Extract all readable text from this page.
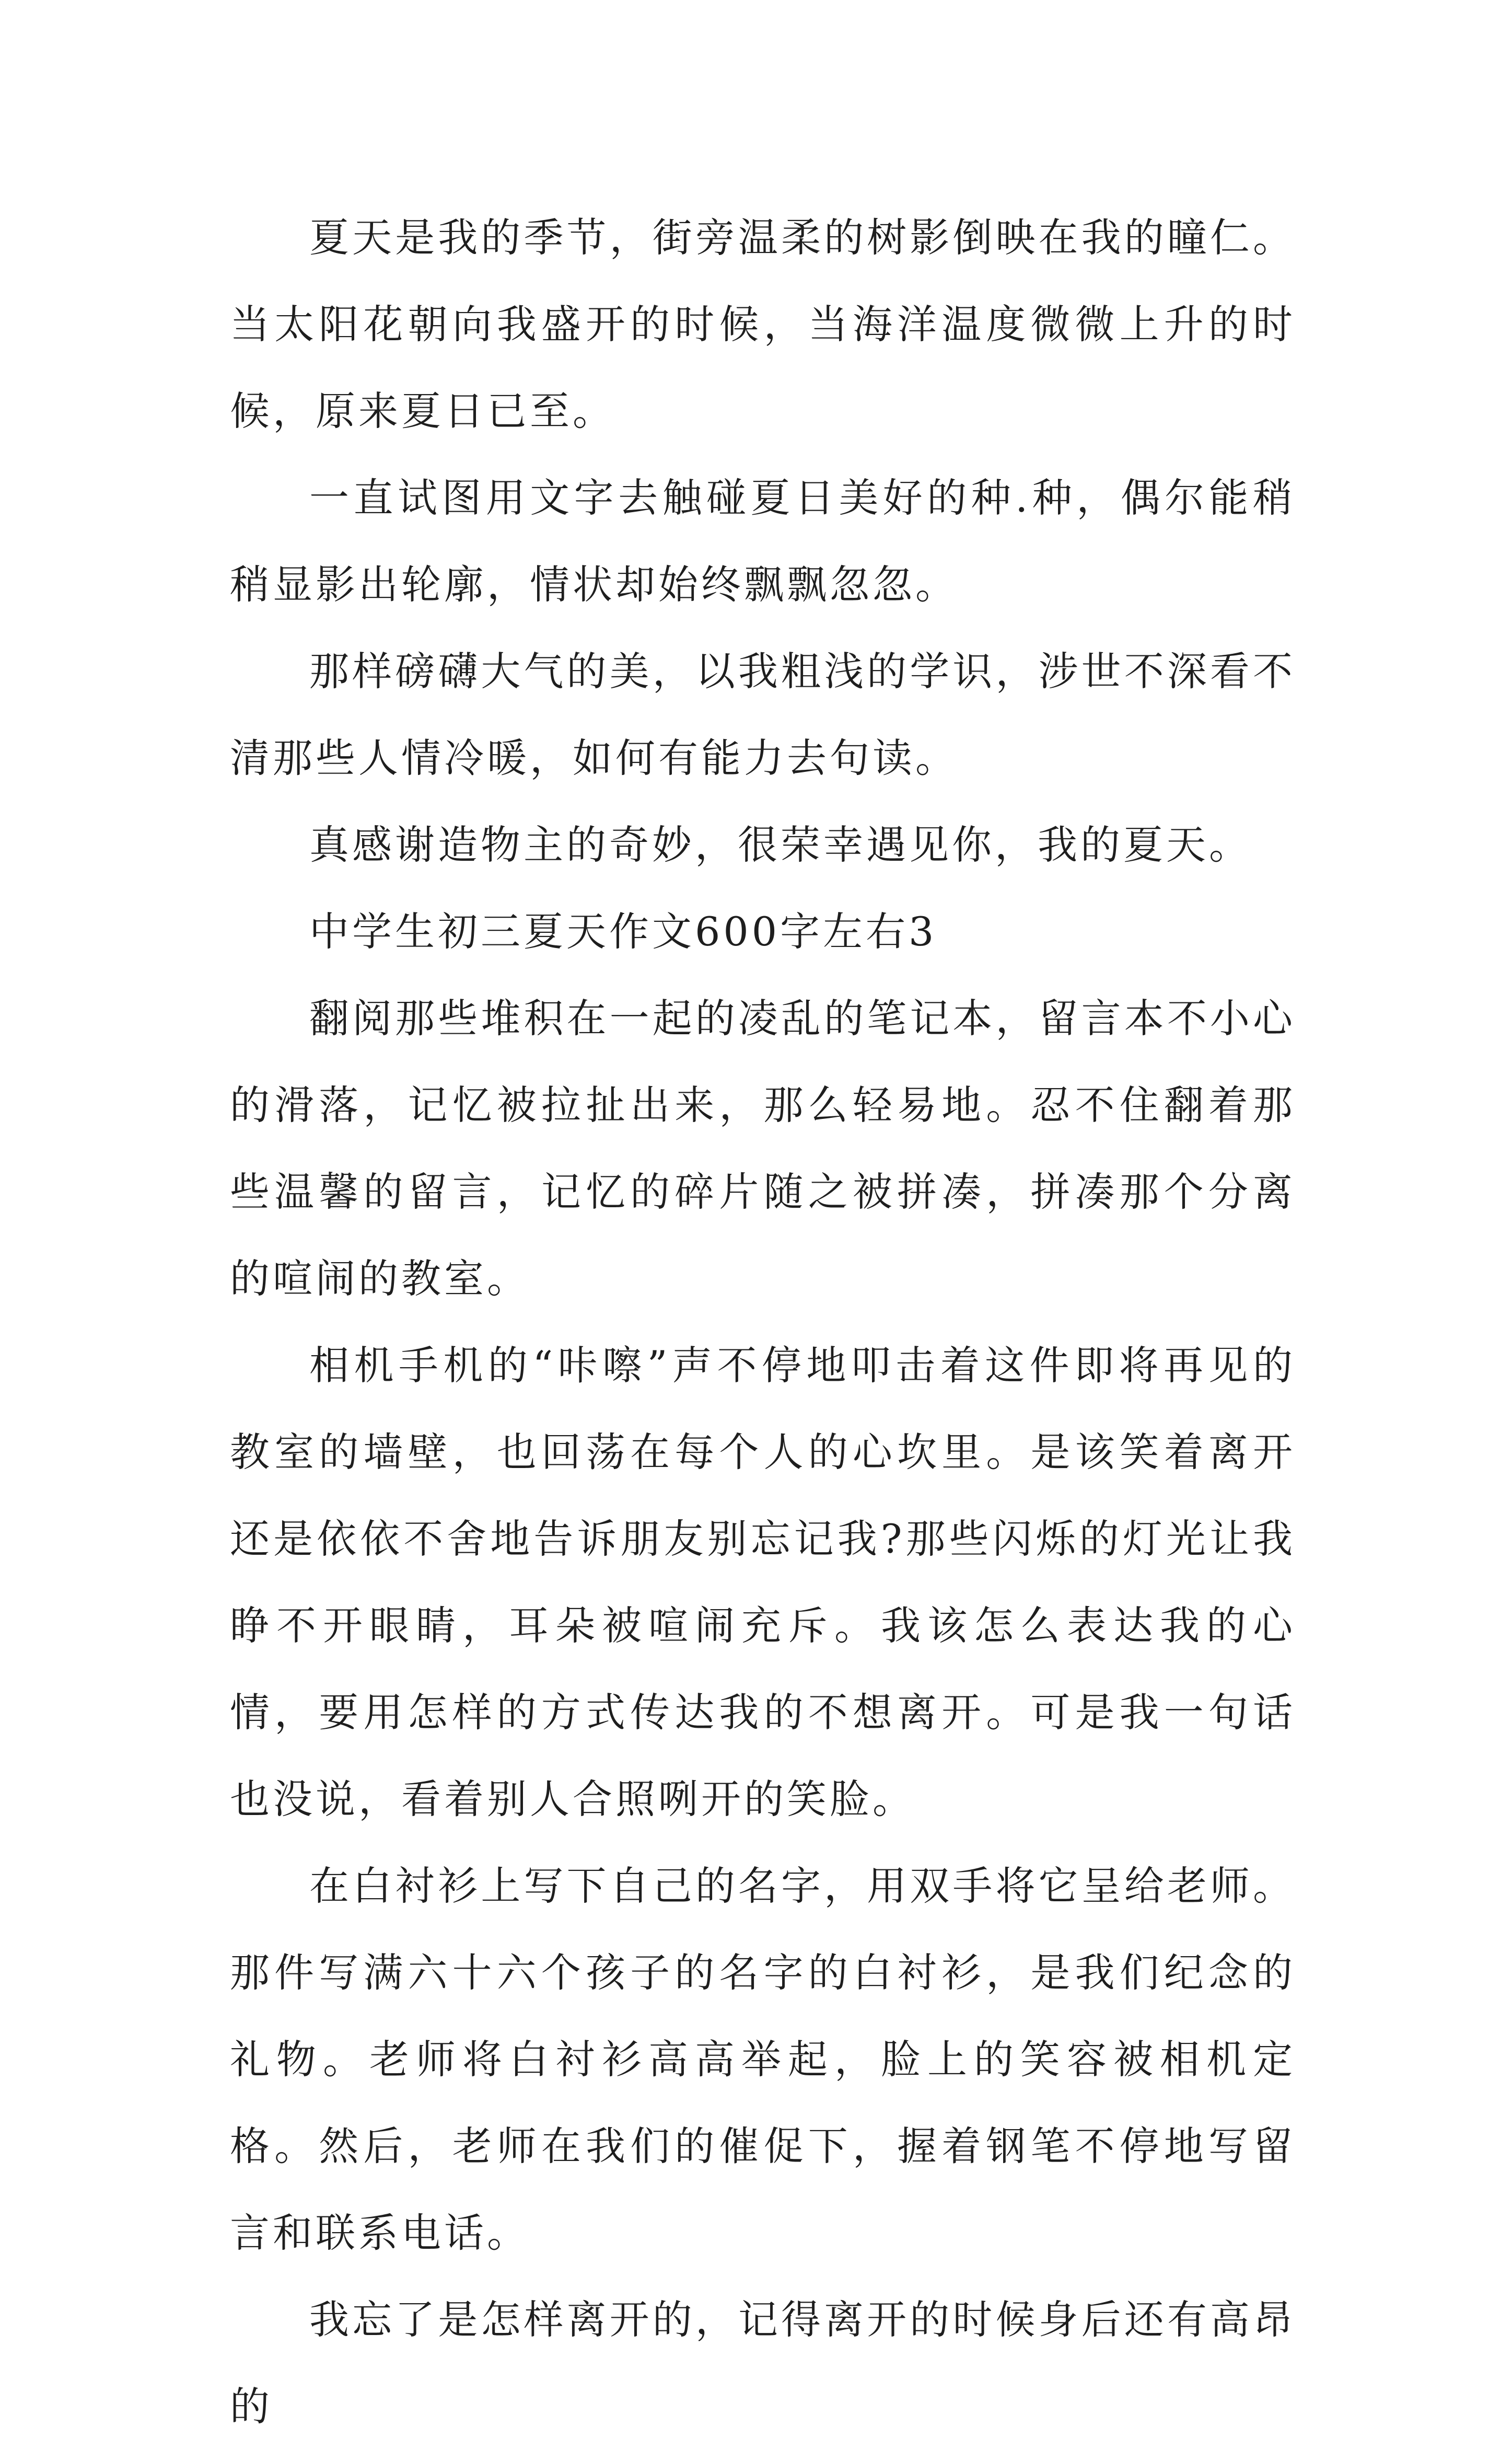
夏天是我的季节，街旁温柔的树影倒映在我的瞳仁。当太阳花朝向我盛开的时候，当海洋温度微微上升的时候，原来夏日已至。

一直试图用文字去触碰夏日美好的种.种，偶尔能稍稍显影出轮廓，情状却始终飘飘忽忽。

那样磅礴大气的美，以我粗浅的学识，涉世不深看不清那些人情冷暖，如何有能力去句读。

真感谢造物主的奇妙，很荣幸遇见你，我的夏天。

中学生初三夏天作文600字左右3

翻阅那些堆积在一起的凌乱的笔记本，留言本不小心的滑落，记忆被拉扯出来，那么轻易地。忍不住翻着那些温馨的留言，记忆的碎片随之被拼凑，拼凑那个分离的喧闹的教室。

相机手机的“咔嚓”声不停地叩击着这件即将再见的教室的墙壁，也回荡在每个人的心坎里。是该笑着离开还是依依不舍地告诉朋友别忘记我?那些闪烁的灯光让我睁不开眼睛，耳朵被喧闹充斥。我该怎么表达我的心情，要用怎样的方式传达我的不想离开。可是我一句话也没说，看着别人合照咧开的笑脸。

在白衬衫上写下自己的名字，用双手将它呈给老师。那件写满六十六个孩子的名字的白衬衫，是我们纪念的礼物。老师将白衬衫高高举起，脸上的笑容被相机定格。然后，老师在我们的催促下，握着钢笔不停地写留言和联系电话。

我忘了是怎样离开的，记得离开的时候身后还有高昂的
